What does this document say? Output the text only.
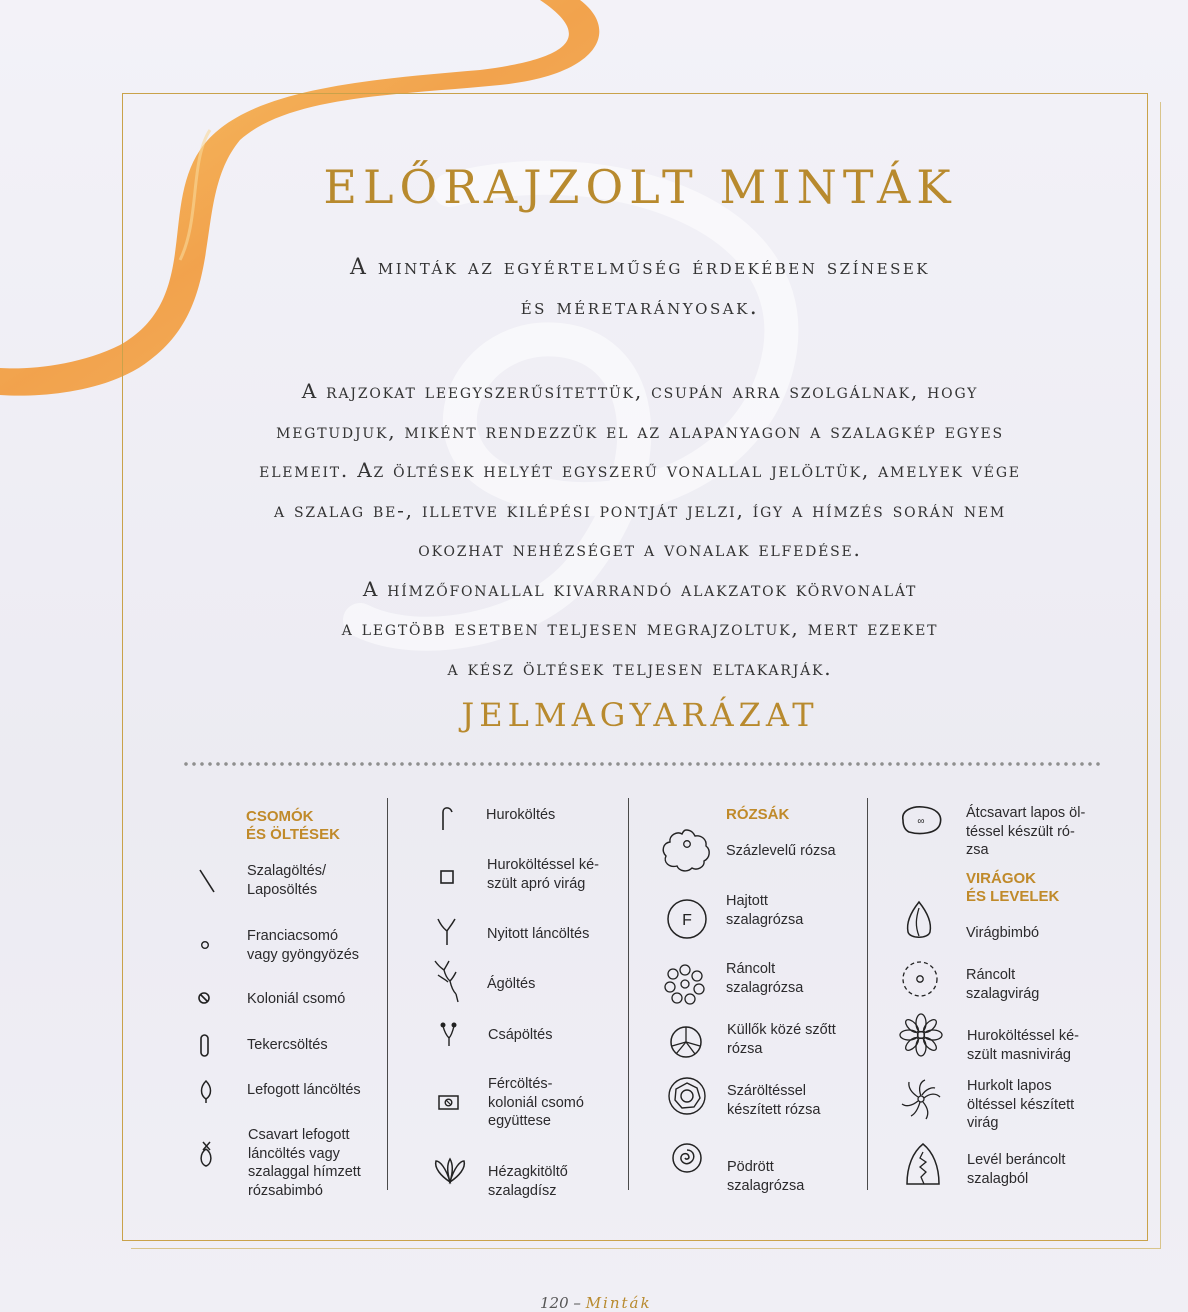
ELŐRAJZOLT MINTÁK
A minták az egyértelműség érdekében színesek
és méretarányosak.

A rajzokat leegyszerűsítettük, csupán arra szolgálnak, hogy

megtudjuk, miként rendezzük el az alapanyagon a szalagkép egyes

elemeit. Az öltések helyét egyszerű vonallal jelöltük, amelyek vége

a szalag be-, illetve kilépési pontját jelzi, így a hímzés során nem

okozhat nehézséget a vonalak elfedése.

A hímzőfonallal kivarrandó alakzatok körvonalát

a legtöbb esetben teljesen megrajzoltuk, mert ezeket

a kész öltések teljesen eltakarják.

JELMAGYARÁZAT
CSOMÓK
ÉS ÖLTÉSEK
Szalagöltés/
Laposöltés
Franciacsomó
vagy gyöngyözés
Koloniál csomó
Tekercsöltés
Lefogott láncöltés
Csavart lefogott
láncöltés vagy
szalaggal hímzett
rózsabimbó
Huroköltés
Huroköltéssel ké-
szült apró virág
Nyitott láncöltés
Ágöltés
Csápöltés
Fércöltés-
koloniál csomó
együttese
Hézagkitöltő
szalagdísz
RÓZSÁK
Százlevelű rózsa
F
Hajtott
szalagrózsa
Ráncolt
szalagrózsa
Küllők közé szőtt
rózsa
Száröltéssel
készített rózsa
Pödrött
szalagrózsa
∞
Átcsavart lapos öl-
téssel készült ró-
zsa
VIRÁGOK
ÉS LEVELEK
Virágbimbó
Ráncolt
szalagvirág
Huroköltéssel ké-
szült masnivirág
Hurkolt lapos
öltéssel készített
virág
Levél beráncolt
szalagból
120 – Minták
